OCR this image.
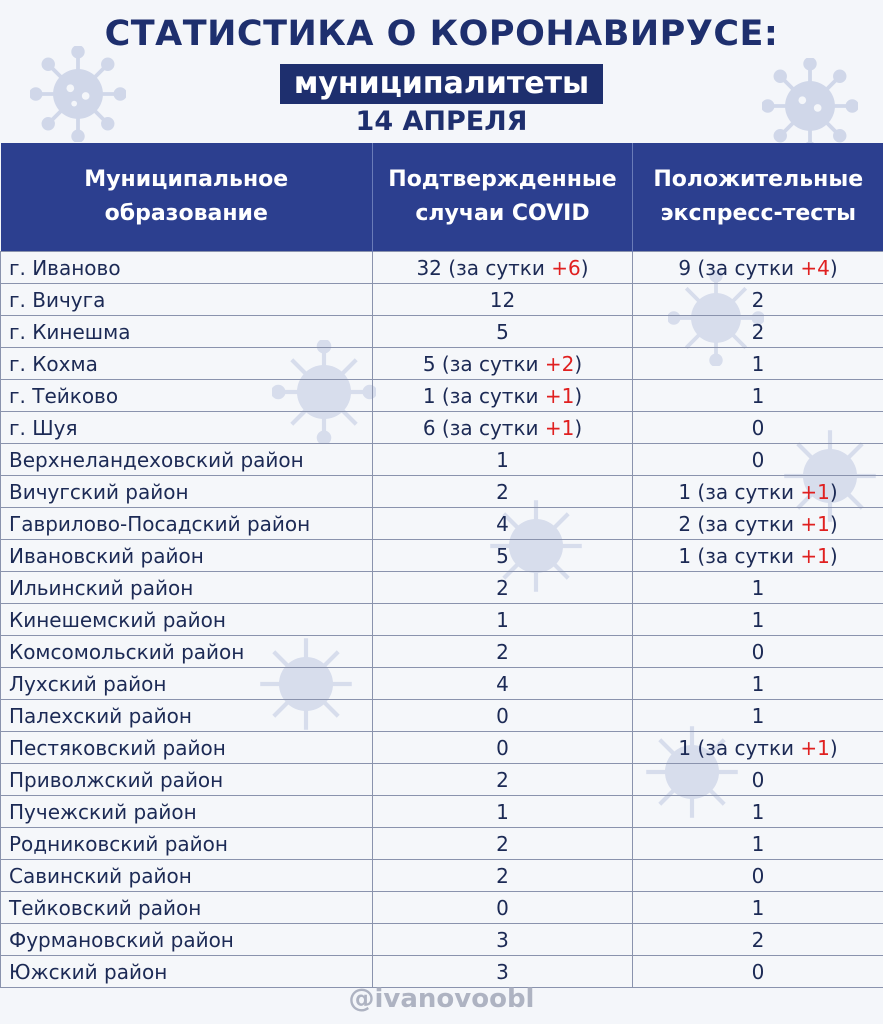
СТАТИСТИКА О КОРОНАВИРУСЕ:
муниципалитеты
14 АПРЕЛЯ
Муниципальное образование	Подтвержденные случаи COVID	Положительные экспресс-тесты
г. Иваново	32 (за сутки +6)	9 (за сутки +4)
г. Вичуга	12	2
г. Кинешма	5	2
г. Кохма	5 (за сутки +2)	1
г. Тейково	1 (за сутки +1)	1
г. Шуя	6 (за сутки +1)	0
Верхнеландеховский район	1	0
Вичугский район	2	1 (за сутки +1)
Гаврилово-Посадский район	4	2 (за сутки +1)
Ивановский район	5	1 (за сутки +1)
Ильинский район	2	1
Кинешемский район	1	1
Комсомольский район	2	0
Лухский район	4	1
Палехский район	0	1
Пестяковский район	0	1 (за сутки +1)
Приволжский район	2	0
Пучежский район	1	1
Родниковский район	2	1
Савинский район	2	0
Тейковский район	0	1
Фурмановский район	3	2
Южский район	3	0
@ivanovoobl
